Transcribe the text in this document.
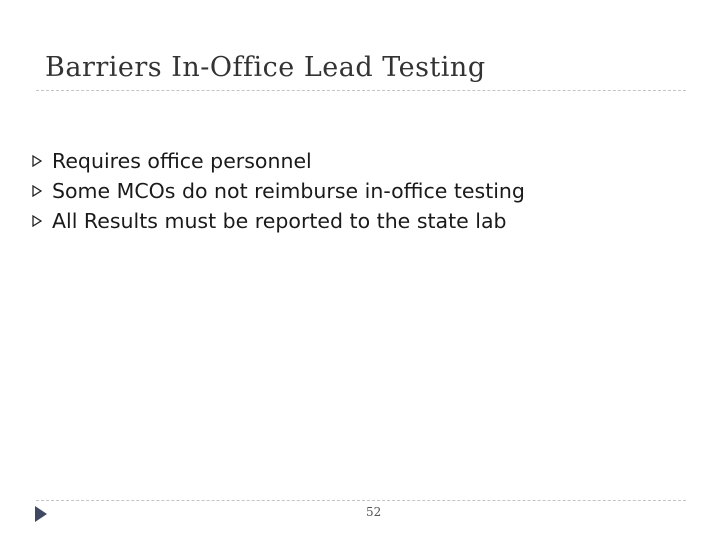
Barriers In-Office Lead Testing
Requires office personnel
Some MCOs do not reimburse in-office testing
All Results must be reported to the state lab
52
